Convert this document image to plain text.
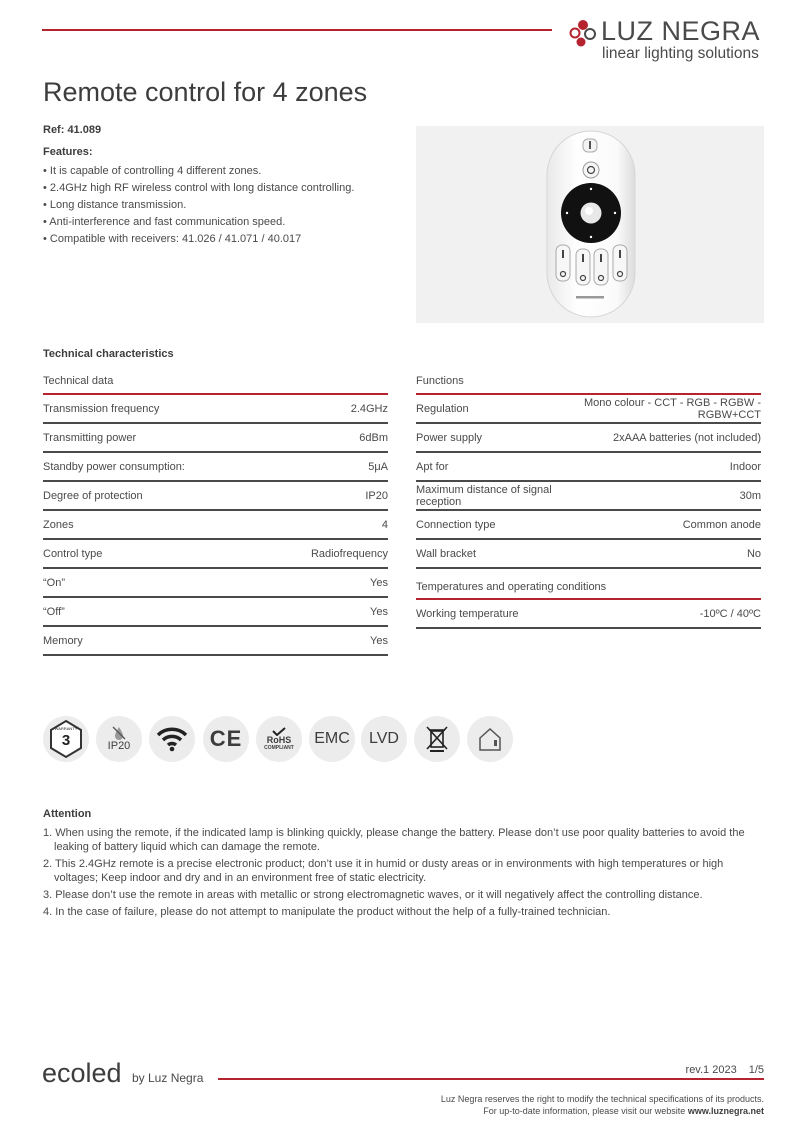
LUZ NEGRA
linear lighting solutions
Remote control for 4 zones
Ref: 41.089
Features:
• It is capable of controlling 4 different zones.
• 2.4GHz high RF wireless control with long distance controlling.
• Long distance transmission.
• Anti-interference and fast communication speed.
• Compatible with receivers: 41.026 / 41.071 / 40.017
Technical characteristics
Technical data
Transmission frequency	2.4GHz
Transmitting power	6dBm
Standby power consumption:	5μA
Degree of protection	IP20
Zones	4
Control type	Radiofrequency
“On”	Yes
“Off”	Yes
Memory	Yes
Functions
Regulation	Mono colour - CCT - RGB - RGBW - RGBW+CCT
Power supply	2xAAA batteries (not included)
Apt for	Indoor
Maximum distance of signal reception	30m
Connection type	Common anode
Wall bracket	No
Temperatures and operating conditions
Working temperature	-10ºC / 40ºC
3
WARRANTY
IP20	CE	RoHS
COMPLIANT
EMC LVD
Attention
1. When using the remote, if the indicated lamp is blinking quickly, please change the battery. Please don’t use poor quality batteries to avoid the leaking of battery liquid which can damage the remote.
2. This 2.4GHz remote is a precise electronic product; don’t use it in humid or dusty areas or in environments with high temperatures or high voltages; Keep indoor and dry and in an environment free of static electricity.
3. Please don’t use the remote in areas with metallic or strong electromagnetic waves, or it will negatively affect the controlling distance.
4. In the case of failure, please do not attempt to manipulate the product without the help of a fully-trained technician.
ecoled by Luz Negra
rev.1 2023 1/5
Luz Negra reserves the right to modify the technical specifications of its products.
For up-to-date information, please visit our website www.luznegra.net
